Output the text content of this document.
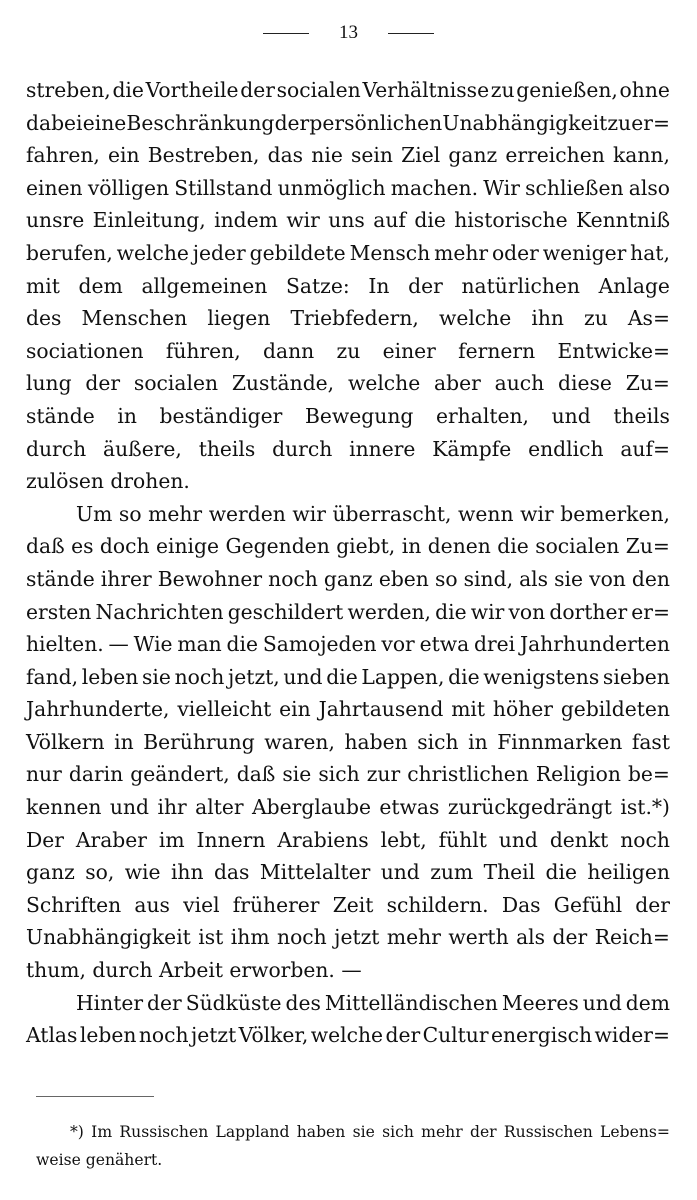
13
streben, die Vortheile der socialen Verhältnisse zu genießen, ohne
dabei eine Beschränkung der persönlichen Unabhängigkeit zu er=
fahren, ein Bestreben, das nie sein Ziel ganz erreichen kann,
einen völligen Stillstand unmöglich machen. Wir schließen also
unsre Einleitung, indem wir uns auf die historische Kenntniß
berufen, welche jeder gebildete Mensch mehr oder weniger hat,
mit dem allgemeinen Satze: In der natürlichen Anlage
des Menschen liegen Triebfedern, welche ihn zu As=
sociationen führen, dann zu einer fernern Entwicke=
lung der socialen Zustände, welche aber auch diese Zu=
stände in beständiger Bewegung erhalten, und theils
durch äußere, theils durch innere Kämpfe endlich auf=
zulösen drohen.
Um so mehr werden wir überrascht, wenn wir bemerken,
daß es doch einige Gegenden giebt, in denen die socialen Zu=
stände ihrer Bewohner noch ganz eben so sind, als sie von den
ersten Nachrichten geschildert werden, die wir von dorther er=
hielten. — Wie man die Samojeden vor etwa drei Jahrhunderten
fand, leben sie noch jetzt, und die Lappen, die wenigstens sieben
Jahrhunderte, vielleicht ein Jahrtausend mit höher gebildeten
Völkern in Berührung waren, haben sich in Finnmarken fast
nur darin geändert, daß sie sich zur christlichen Religion be=
kennen und ihr alter Aberglaube etwas zurückgedrängt ist.*)
Der Araber im Innern Arabiens lebt, fühlt und denkt noch
ganz so, wie ihn das Mittelalter und zum Theil die heiligen
Schriften aus viel früherer Zeit schildern. Das Gefühl der
Unabhängigkeit ist ihm noch jetzt mehr werth als der Reich=
thum, durch Arbeit erworben. —
Hinter der Südküste des Mittelländischen Meeres und dem
Atlas leben noch jetzt Völker, welche der Cultur energisch wider=
*) Im Russischen Lappland haben sie sich mehr der Russischen Lebens=
weise genähert.
